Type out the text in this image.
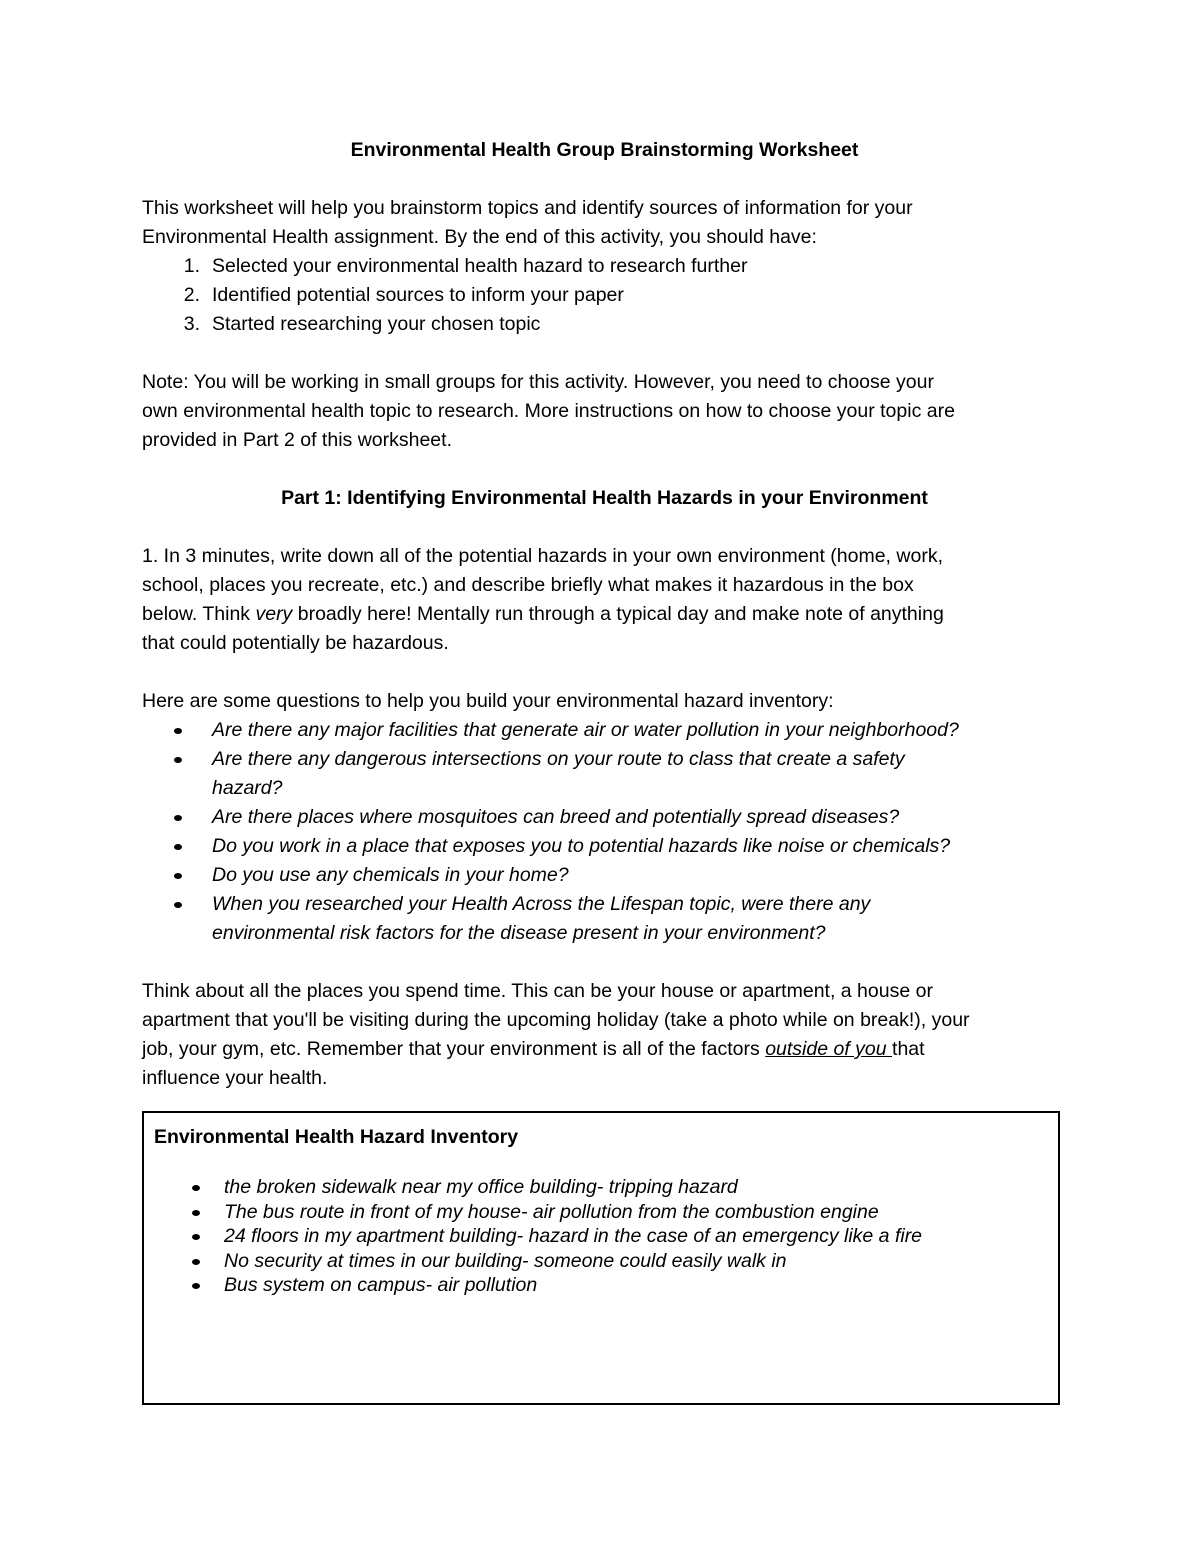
Environmental Health Group Brainstorming Worksheet

This worksheet will help you brainstorm topics and identify sources of information for your
Environmental Health assignment. By the end of this activity, you should have:

1. Selected your environmental health hazard to research further
2. Identified potential sources to inform your paper
3. Started researching your chosen topic

Note: You will be working in small groups for this activity. However, you need to choose your
own environmental health topic to research. More instructions on how to choose your topic are
provided in Part 2 of this worksheet.

Part 1: Identifying Environmental Health Hazards in your Environment

1. In 3 minutes, write down all of the potential hazards in your own environment (home, work,
school, places you recreate, etc.) and describe briefly what makes it hazardous in the box
below. Think very broadly here! Mentally run through a typical day and make note of anything
that could potentially be hazardous.

Here are some questions to help you build your environmental hazard inventory:

Are there any major facilities that generate air or water pollution in your neighborhood?
Are there any dangerous intersections on your route to class that create a safety
hazard?
Are there places where mosquitoes can breed and potentially spread diseases?
Do you work in a place that exposes you to potential hazards like noise or chemicals?
Do you use any chemicals in your home?
When you researched your Health Across the Lifespan topic, were there any
environmental risk factors for the disease present in your environment?

Think about all the places you spend time. This can be your house or apartment, a house or
apartment that you'll be visiting during the upcoming holiday (take a photo while on break!), your
job, your gym, etc. Remember that your environment is all of the factors outside of you that
influence your health.

Environmental Health Hazard Inventory
the broken sidewalk near my office building- tripping hazard
The bus route in front of my house- air pollution from the combustion engine
24 floors in my apartment building- hazard in the case of an emergency like a fire
No security at times in our building- someone could easily walk in
Bus system on campus- air pollution
